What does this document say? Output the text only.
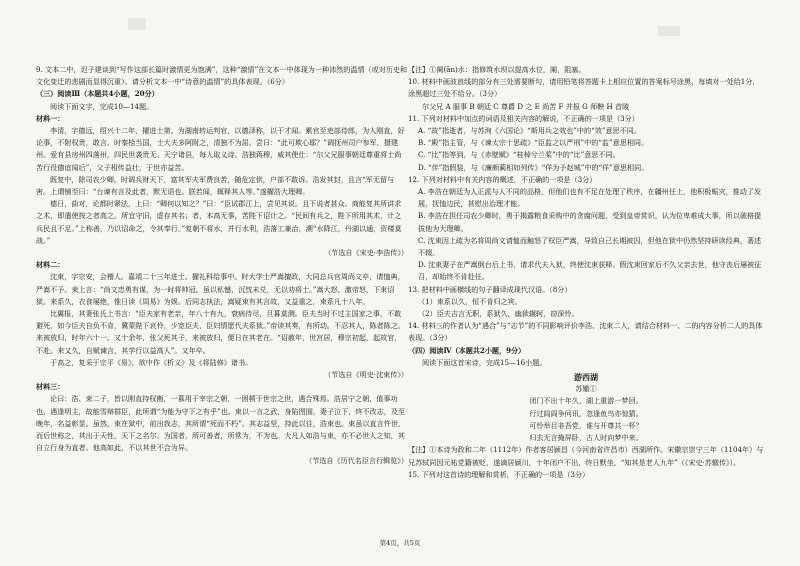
9. 文本二中，迟子建谈到“写作这部长篇时激情更为饱满”，这种“激情”在文本一中体现为一种沛然的温情（或对历史和文化变迁的悲剧而显得沉重）。请分析文本一中“诗意的温情”的具体表现。（6分）

（三）阅读Ⅲ（本题共4小题，20分）

阅读下面文字，完成10—14题。

材料一：

李清，字德远，绍兴十二年，擢进士第。为湖南转运判官，以德泽称，以干才闻。累官至吏部侍郎，为人刚直，好论事，不附权贵，敢言。时秦桧当国，士大夫多阿附之，清独不为屈。尝曰：“此可欺心耶？”调抚州司户参军，摄建州。爱有县房州四落州，四民世袭贵无、天宁诸县，每人取义诗。浩独蒋穆，威其使仕：“尔父兄服事朝廷尊重将士尚苦行役德谊闻后”，父子相传益壮，于世亦益苦。

既复中，除司农少卿。时调兵财天下，富其军夫军费良苦，随危定供，户部不敢诉。浩发其封，且言“军无留与害。上谓铺至曰：“台谏有言及此者，默无语也。朕若闻，辄释其人等。”遂擢浩大理卿。

德日，曲对，论都时紧法，上曰：“卿何以知之？”曰：“臣试郡江上，尝见其说。且下说者甚众。商能复其所讲求之术，即遣使按之者高之。所宜守旧，虚存其名；者，本高无事，苦陛下诏计之。“民间有兵之，陛下所用其术，计之兵民且不足。”上称善，乃以诏命之，令其奉行。”复朝不将水，并行水利，浩落工兼治，溯“水降江，丹湖以通，资楼莫战。”

（节选自《宋史·李浩传》）

材料二：

沈束，字宗安，会稽人。嘉靖二十三年进士。擢礼科给事中。时大学士严嵩擅政，大同总兵官周尚文卒，请恤典，严嵩不予。束上言：“尚文忠勇有谋，为一时将帅冠。虽以私憾，沉忱未兑，无以劝将士。”嵩大怒，激帝怒，下束诏狱。来系久，衣食屡绝，惟日读《周易》为娱。后同志执法，嵩疑束有其言故，又益重之，束系凡十八年。

比翼报，其妻张氏上书言：“臣夫家有老亲，年八十有九，衰病待尽，旦暮莫测。臣夫当时不过主国家之事，不敢避死，如今臣夫自负不肯，冀蒙陛下哀怜，少宽臣夫，臣妇情愿代夫系狱。”帝读其奏，有所动。不忍其人，陈者陈之。来被放归，时年六十一。又十余年，张父死其子，来被放归，便日在其老在。“诏赦年，世宫居，穆宗初起，起故官，不赴。来又久，自赋谏言，其学行以益高人”。又年卒。

于高之，复采于宗平《易》，欲中作《析义》及《将陆修》诸书。

（节选自《明史·沈束传》）

材料三：

论曰：浩、束二子，皆以刚直持权衡，一慕用于宰宗之朝，一困顿于世宗之世，遇合殊焉。浩居宁之朝，值事功也，遇逢明主，故能雪辩群臣，此所谓“为能为守下之有乎”也。束以一言之武，身陷图圄，妻子泣下，终不改志，及至晚年，名益彰显。虽然，束在狱中，前出我志，其所谓“死而不朽”。其志益坚，持此以往，浩束也。束虽以直言忤世，而后世称之，其出于天性，天下之名尔。为国者，所可善者，所常为，不为也。大凡人如浩与束，亦不必世人之知，其自立行身为直者。他高如此，不以其世不合为异。

（节选自《历代名臣言行辑览》）

【注】①阑(ān)水：指修筑水坝以提高水位，阑，阻塞。

10. 材料中画波浪线的部分有三处需要断句，请用铅笔将答题卡上相应位置的答案标号涂黑，每填对一处给1分，涂黑超过三处不给分。（3分）

尔父兄 A 服事 B 朝廷 C 尊爵 D 之 E 尚苦 F 并报 G 师鞅 H 首陵

11. 下列对材料中加点的词语及相关内容的解说，不正确的一项是（3分）

A. “故”指逝者，与苏洵《六国论》“斯用兵之效也”中的“效”意思不同。

B. “殿”指主管，与《谏太宗十思疏》“臣监之以严刑”中的“监”意思相同。

C. “比”指等到，与《赤壁赋》“桂棹兮兰桨”中的“比”意思不同。

D. “伴”指假装，与《廉颇蔺相如列传》“佯为予赵城”中的“佯”意思相同。

12. 下列对材料中有关内容的概述，不正确的一项是（3分）

A. 李浩在朝廷为人正派与人不同的品格，但他们也有不足在处理了秩序，在疆州任上，他积极赈灾，推动了发展，抚恤边民，甚慰出治理才能。

B. 李浩在担任司农少卿时，勇于揭露粮食采购中的贪腐问题，受到皇帝赏识，认为位卑难成大事，所以破格提拔他为大理卿。

C. 沈束因上疏为名将周尚文请恤而触怒了权臣严嵩，导致自己长期被囚，但他在狱中仍然坚持研读经典，著述不辍。

D. 沈束妻子在严嵩倒台后上书，请求代夫入狱，终使沈束获释。假沈束回家后不久父亲去世，他守丧后屡被征召，却始终不肯赴任。

13. 把材料中画横线的句子翻译成现代汉语。（8分）

（1）束系以久，恒不肯归之宾。

（2）臣夫吉言无职，系狱久，幽狱辗轲，窃深怜。

14. 材料三的作者认为“遇合”与“志节”的不同影响评价李浩、沈束二人，请结合材料一、二的内容分析二人的具体表现。（3分）

（四）阅读Ⅳ（本题共2小题，9分）

阅读下面这首宋诗，完成15—16小题。

游西湖

苏辙①

闭门不出十年久，湖上重游一梦回。

行过闾阎争问讯，忽逢鱼鸟亦惊猜。

可怜举目非吾党，谁与开尊共一杯？

归去无言掩屏卧，古人时向梦中来。

【注】①本诗为政和二年（1112年）作者客居颍昌（今河南省许昌市）西湖所作。宋徽宗崇宁三年（1104年）与兄苏轼同因元祐党籍被贬，遂谪居颍川，十年闭户不出，终日默坐，“知其是老人九年”（《宋史·苏辙传》）。

15. 下列对这首诗的理解和赏析，不正确的一项是（3分）

第4页，共5页
